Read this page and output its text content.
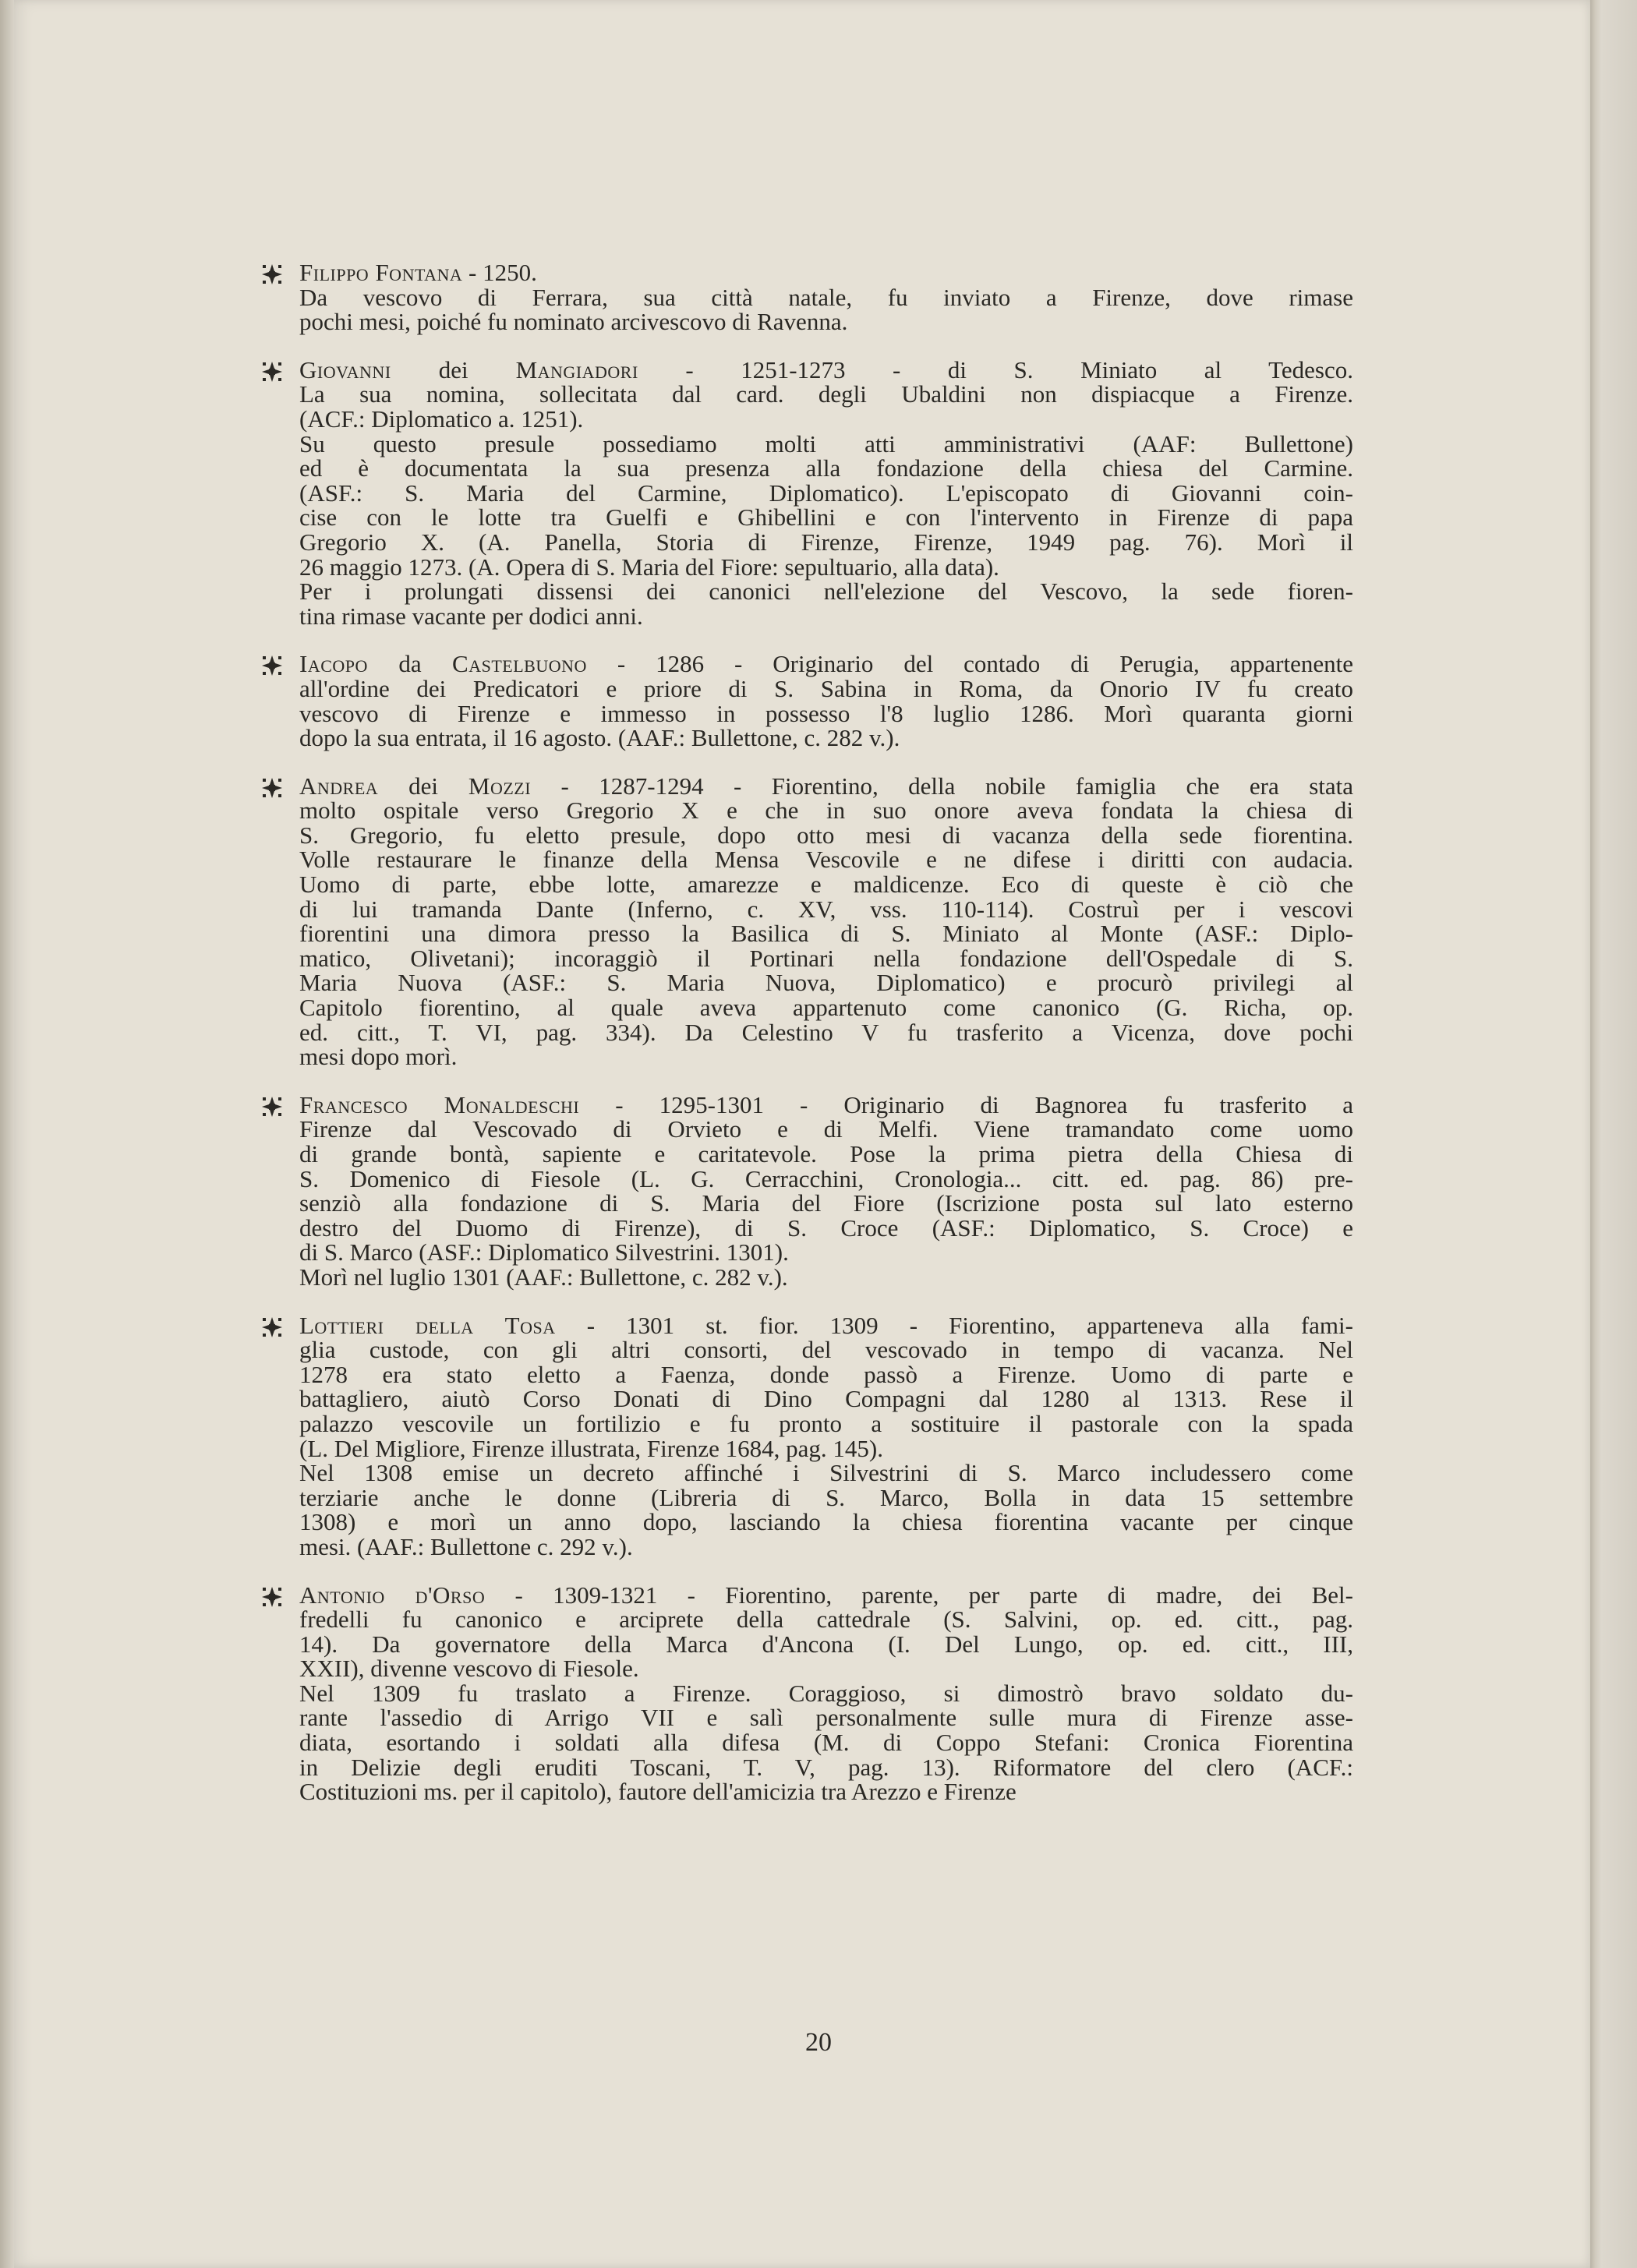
Filippo Fontana - 1250.
Da vescovo di Ferrara, sua città natale, fu inviato a Firenze, dove rimase
pochi mesi, poiché fu nominato arcivescovo di Ravenna.
Giovanni dei Mangiadori - 1251-1273 - di S. Miniato al Tedesco.
La sua nomina, sollecitata dal card. degli Ubaldini non dispiacque a Firenze.
(ACF.: Diplomatico a. 1251).
Su questo presule possediamo molti atti amministrativi (AAF: Bullettone)
ed è documentata la sua presenza alla fondazione della chiesa del Carmine.
(ASF.: S. Maria del Carmine, Diplomatico). L'episcopato di Giovanni coin-
cise con le lotte tra Guelfi e Ghibellini e con l'intervento in Firenze di papa
Gregorio X. (A. Panella, Storia di Firenze, Firenze, 1949 pag. 76). Morì il
26 maggio 1273. (A. Opera di S. Maria del Fiore: sepultuario, alla data).
Per i prolungati dissensi dei canonici nell'elezione del Vescovo, la sede fioren-
tina rimase vacante per dodici anni.
Iacopo da Castelbuono - 1286 - Originario del contado di Perugia, appartenente
all'ordine dei Predicatori e priore di S. Sabina in Roma, da Onorio IV fu creato
vescovo di Firenze e immesso in possesso l'8 luglio 1286. Morì quaranta giorni
dopo la sua entrata, il 16 agosto. (AAF.: Bullettone, c. 282 v.).
Andrea dei Mozzi - 1287-1294 - Fiorentino, della nobile famiglia che era stata
molto ospitale verso Gregorio X e che in suo onore aveva fondata la chiesa di
S. Gregorio, fu eletto presule, dopo otto mesi di vacanza della sede fiorentina.
Volle restaurare le finanze della Mensa Vescovile e ne difese i diritti con audacia.
Uomo di parte, ebbe lotte, amarezze e maldicenze. Eco di queste è ciò che
di lui tramanda Dante (Inferno, c. XV, vss. 110-114). Costruì per i vescovi
fiorentini una dimora presso la Basilica di S. Miniato al Monte (ASF.: Diplo-
matico, Olivetani); incoraggiò il Portinari nella fondazione dell'Ospedale di S.
Maria Nuova (ASF.: S. Maria Nuova, Diplomatico) e procurò privilegi al
Capitolo fiorentino, al quale aveva appartenuto come canonico (G. Richa, op.
ed. citt., T. VI, pag. 334). Da Celestino V fu trasferito a Vicenza, dove pochi
mesi dopo morì.
Francesco Monaldeschi - 1295-1301 - Originario di Bagnorea fu trasferito a
Firenze dal Vescovado di Orvieto e di Melfi. Viene tramandato come uomo
di grande bontà, sapiente e caritatevole. Pose la prima pietra della Chiesa di
S. Domenico di Fiesole (L. G. Cerracchini, Cronologia... citt. ed. pag. 86) pre-
senziò alla fondazione di S. Maria del Fiore (Iscrizione posta sul lato esterno
destro del Duomo di Firenze), di S. Croce (ASF.: Diplomatico, S. Croce) e
di S. Marco (ASF.: Diplomatico Silvestrini. 1301).
Morì nel luglio 1301 (AAF.: Bullettone, c. 282 v.).
Lottieri della Tosa - 1301 st. fior. 1309 - Fiorentino, apparteneva alla fami-
glia custode, con gli altri consorti, del vescovado in tempo di vacanza. Nel
1278 era stato eletto a Faenza, donde passò a Firenze. Uomo di parte e
battagliero, aiutò Corso Donati di Dino Compagni dal 1280 al 1313. Rese il
palazzo vescovile un fortilizio e fu pronto a sostituire il pastorale con la spada
(L. Del Migliore, Firenze illustrata, Firenze 1684, pag. 145).
Nel 1308 emise un decreto affinché i Silvestrini di S. Marco includessero come
terziarie anche le donne (Libreria di S. Marco, Bolla in data 15 settembre
1308) e morì un anno dopo, lasciando la chiesa fiorentina vacante per cinque
mesi. (AAF.: Bullettone c. 292 v.).
Antonio d'Orso - 1309-1321 - Fiorentino, parente, per parte di madre, dei Bel-
fredelli fu canonico e arciprete della cattedrale (S. Salvini, op. ed. citt., pag.
14). Da governatore della Marca d'Ancona (I. Del Lungo, op. ed. citt., III,
XXII), divenne vescovo di Fiesole.
Nel 1309 fu traslato a Firenze. Coraggioso, si dimostrò bravo soldato du-
rante l'assedio di Arrigo VII e salì personalmente sulle mura di Firenze asse-
diata, esortando i soldati alla difesa (M. di Coppo Stefani: Cronica Fiorentina
in Delizie degli eruditi Toscani, T. V, pag. 13). Riformatore del clero (ACF.:
Costituzioni ms. per il capitolo), fautore dell'amicizia tra Arezzo e Firenze
20
